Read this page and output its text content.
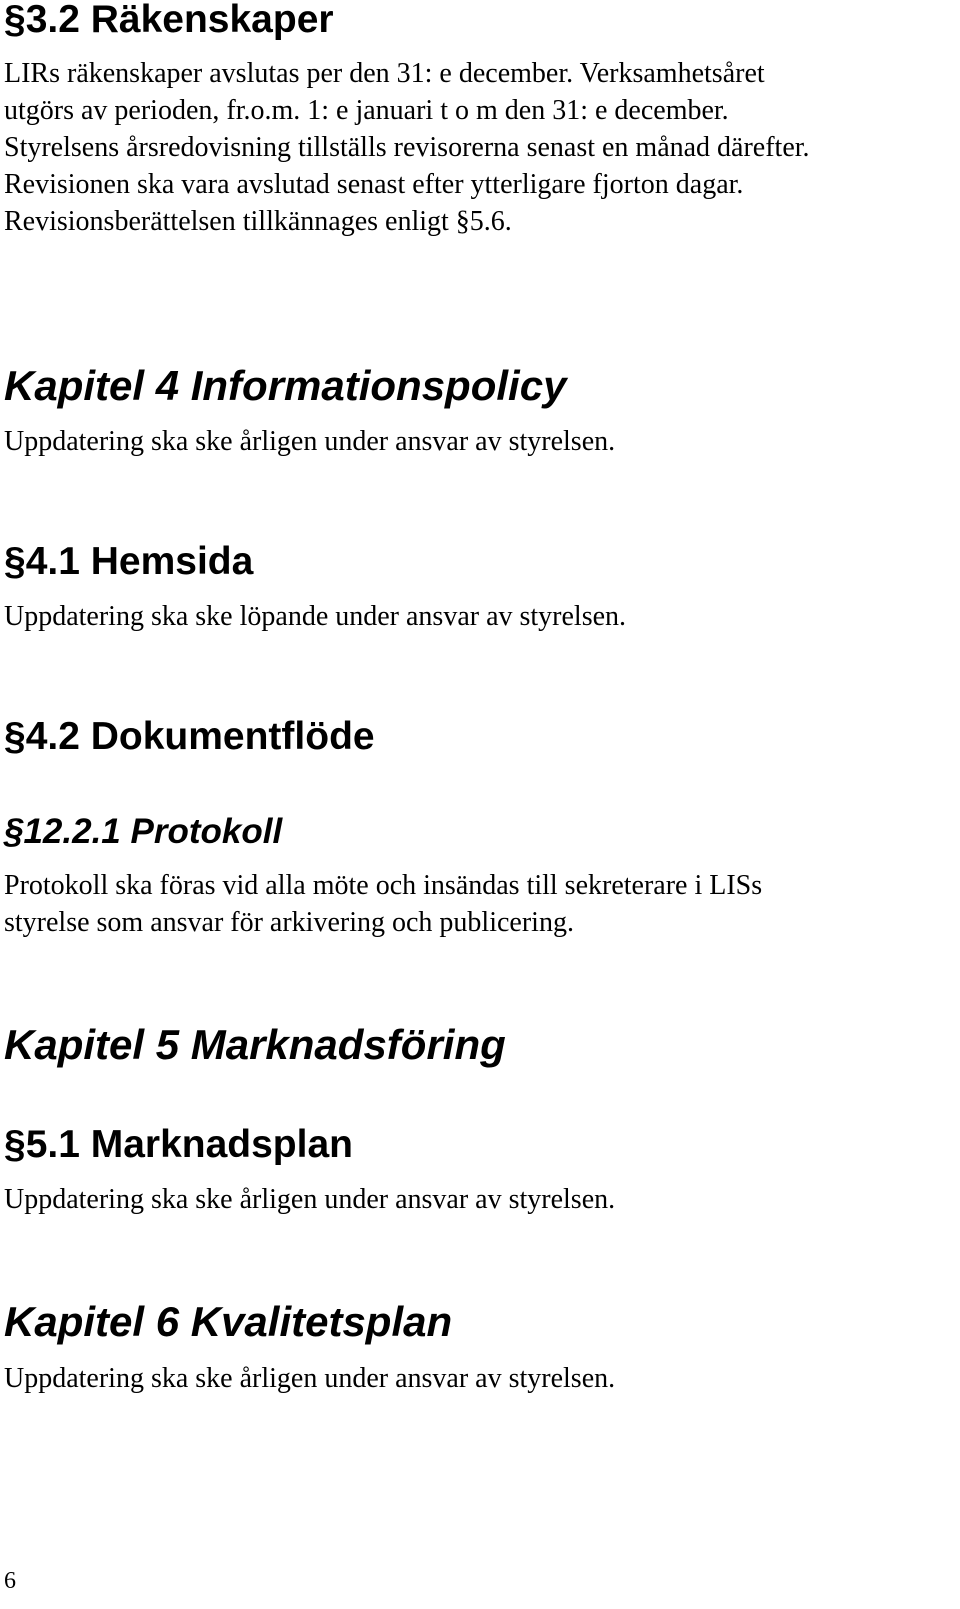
§3.2 Räkenskaper
LIRs räkenskaper avslutas per den 31: e december. Verksamhetsåret
utgörs av perioden, fr.o.m. 1: e januari t o m den 31: e december.
Styrelsens årsredovisning tillställs revisorerna senast en månad därefter.
Revisionen ska vara avslutad senast efter ytterligare fjorton dagar.
Revisionsberättelsen tillkännages enligt §5.6.
Kapitel 4 Informationspolicy
Uppdatering ska ske årligen under ansvar av styrelsen.
§4.1 Hemsida
Uppdatering ska ske löpande under ansvar av styrelsen.
§4.2 Dokumentflöde
§12.2.1 Protokoll
Protokoll ska föras vid alla möte och insändas till sekreterare i LISs
styrelse som ansvar för arkivering och publicering.
Kapitel 5 Marknadsföring
§5.1 Marknadsplan
Uppdatering ska ske årligen under ansvar av styrelsen.
Kapitel 6 Kvalitetsplan
Uppdatering ska ske årligen under ansvar av styrelsen.
6
